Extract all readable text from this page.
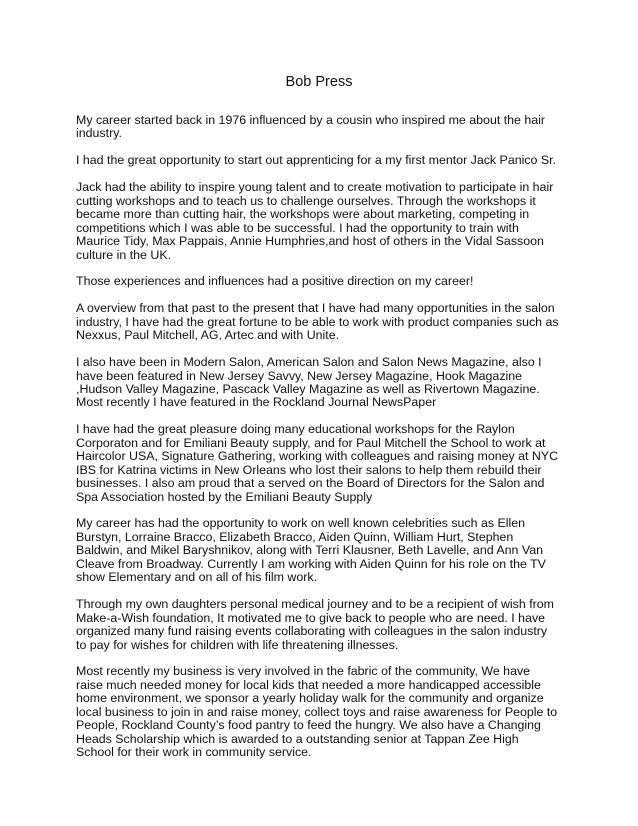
Bob Press

My career started back in 1976 influenced by a cousin who inspired me about the hair
industry.

I had the great opportunity to start out apprenticing for a my first mentor Jack Panico Sr.

Jack had the ability to inspire young talent and to create motivation to participate in hair
cutting workshops and to teach us to challenge ourselves. Through the workshops it
became more than cutting hair, the workshops were about marketing, competing in
competitions which I was able to be successful. I had the opportunity to train with
Maurice Tidy, Max Pappais, Annie Humphries,and host of others in the Vidal Sassoon
culture in the UK.

Those experiences and influences had a positive direction on my career!

A overview from that past to the present that I have had many opportunities in the salon
industry, I have had the great fortune to be able to work with product companies such as
Nexxus, Paul Mitchell, AG, Artec and with Unite.

I also have been in Modern Salon, American Salon and Salon News Magazine, also I
have been featured in New Jersey Savvy, New Jersey Magazine, Hook Magazine
,Hudson Valley Magazine, Pascack Valley Magazine as well as Rivertown Magazine.
Most recently I have featured in the Rockland Journal NewsPaper

I have had the great pleasure doing many educational workshops for the Raylon
Corporaton and for Emiliani Beauty supply, and for Paul Mitchell the School to work at
Haircolor USA, Signature Gathering, working with colleagues and raising money at NYC
IBS for Katrina victims in New Orleans who lost their salons to help them rebuild their
businesses. I also am proud that a served on the Board of Directors for the Salon and
Spa Association hosted by the Emiliani Beauty Supply

My career has had the opportunity to work on well known celebrities such as Ellen
Burstyn, Lorraine Bracco, Elizabeth Bracco, Aiden Quinn, William Hurt, Stephen
Baldwin, and Mikel Baryshnikov, along with Terri Klausner, Beth Lavelle, and Ann Van
Cleave from Broadway. Currently I am working with Aiden Quinn for his role on the TV
show Elementary and on all of his film work.

Through my own daughters personal medical journey and to be a recipient of wish from
Make-a-Wish foundation, It motivated me to give back to people who are need. I have
organized many fund raising events collaborating with colleagues in the salon industry
to pay for wishes for children with life threatening illnesses.

Most recently my business is very involved in the fabric of the community, We have
raise much needed money for local kids that needed a more handicapped accessible
home environment, we sponsor a yearly holiday walk for the community and organize
local business to join in and raise money, collect toys and raise awareness for People to
People, Rockland County’s food pantry to feed the hungry. We also have a Changing
Heads Scholarship which is awarded to a outstanding senior at Tappan Zee High
School for their work in community service.
